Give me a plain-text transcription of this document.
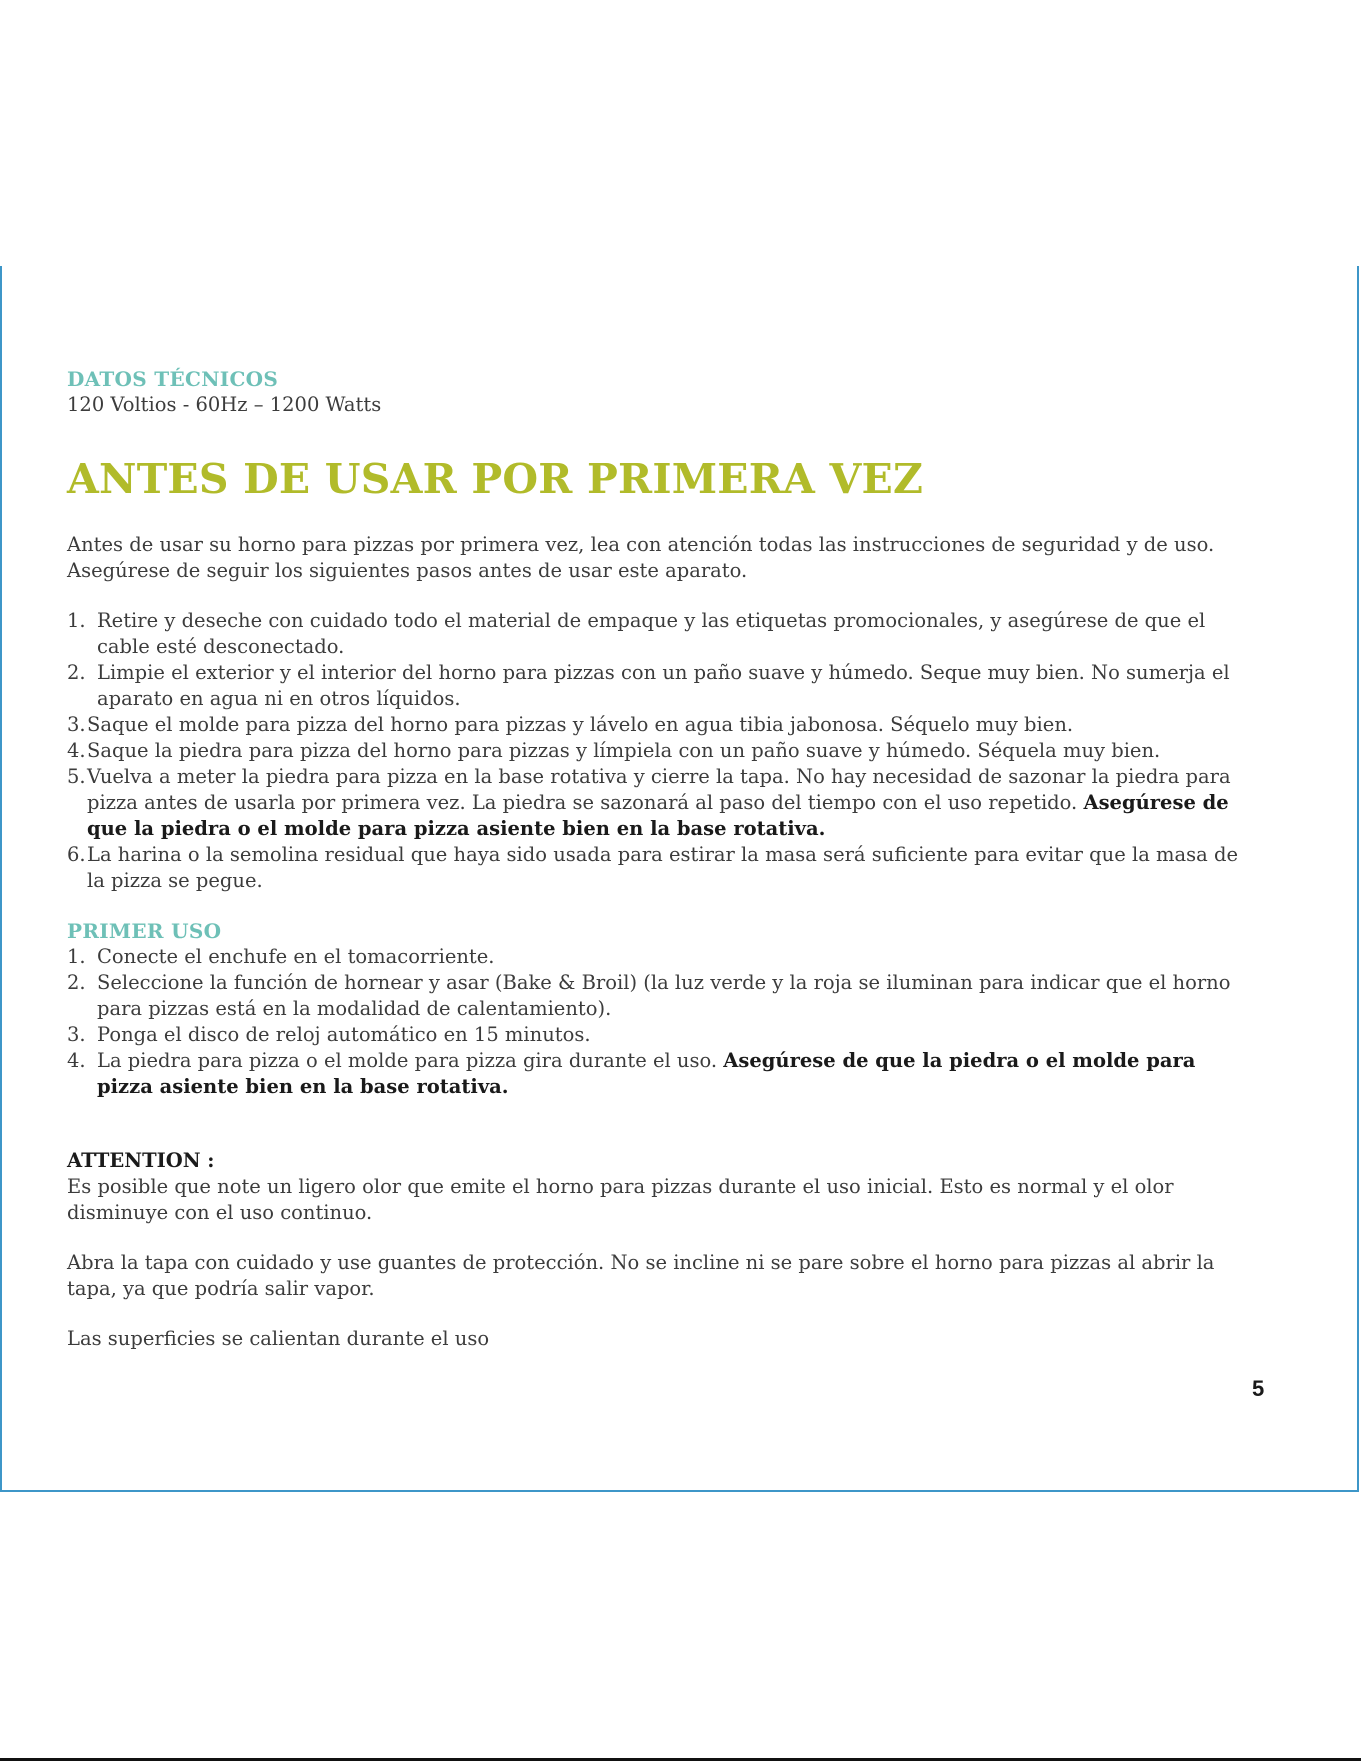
DATOS TÉCNICOS

120 Voltios - 60Hz – 1200 Watts

ANTES DE USAR POR PRIMERA VEZ

Antes de usar su horno para pizzas por primera vez, lea con atención todas las instrucciones de seguridad y de uso.

Asegúrese de seguir los siguientes pasos antes de usar este aparato.

1. Retire y deseche con cuidado todo el material de empaque y las etiquetas promocionales, y asegúrese de que el cable esté desconectado.
2. Limpie el exterior y el interior del horno para pizzas con un paño suave y húmedo. Seque muy bien. No sumerja el aparato en agua ni en otros líquidos.
3. Saque el molde para pizza del horno para pizzas y lávelo en agua tibia jabonosa. Séquelo muy bien.
4. Saque la piedra para pizza del horno para pizzas y límpiela con un paño suave y húmedo. Séquela muy bien.
5. Vuelva a meter la piedra para pizza en la base rotativa y cierre la tapa. No hay necesidad de sazonar la piedra para pizza antes de usarla por primera vez. La piedra se sazonará al paso del tiempo con el uso repetido. Asegúrese de que la piedra o el molde para pizza asiente bien en la base rotativa.
6. La harina o la semolina residual que haya sido usada para estirar la masa será suficiente para evitar que la masa de la pizza se pegue.
PRIMER USO
1. Conecte el enchufe en el tomacorriente.
2. Seleccione la función de hornear y asar (Bake & Broil) (la luz verde y la roja se iluminan para indicar que el horno para pizzas está en la modalidad de calentamiento).
3. Ponga el disco de reloj automático en 15 minutos.
4. La piedra para pizza o el molde para pizza gira durante el uso. Asegúrese de que la piedra o el molde para pizza asiente bien en la base rotativa.

ATTENTION :

Es posible que note un ligero olor que emite el horno para pizzas durante el uso inicial. Esto es normal y el olor disminuye con el uso continuo.

Abra la tapa con cuidado y use guantes de protección. No se incline ni se pare sobre el horno para pizzas al abrir la tapa, ya que podría salir vapor.

Las superficies se calientan durante el uso

5
